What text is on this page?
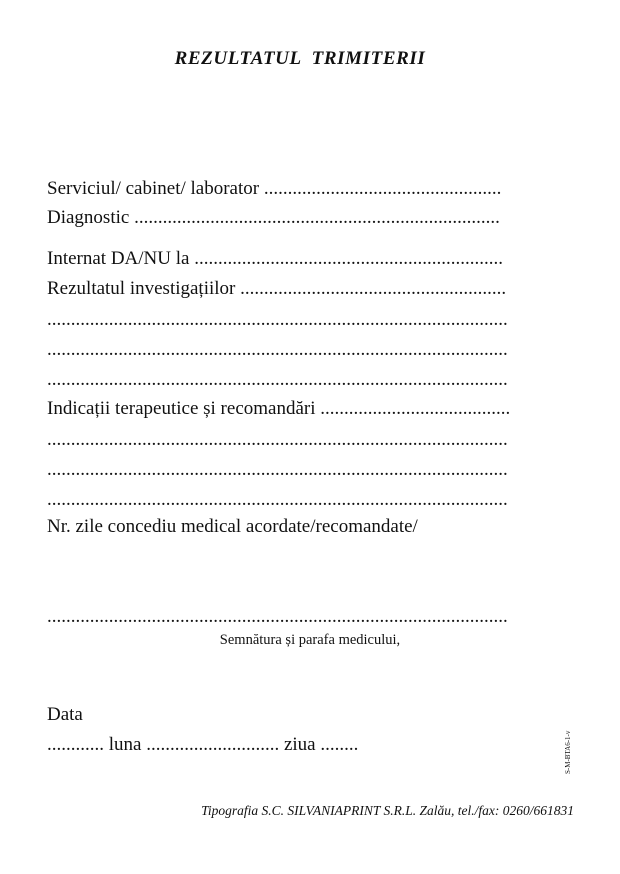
REZULTATUL  TRIMITERII
Serviciul/ cabinet/ laborator ..................................................
Diagnostic .............................................................................
Internat DA/NU la .................................................................
Rezultatul investigațiilor ........................................................
.................................................................................................
.................................................................................................
.................................................................................................
Indicații terapeutice și recomandări ........................................
.................................................................................................
.................................................................................................
.................................................................................................
Nr. zile concediu medical acordate/recomandate/
.................................................................................................
Semnătura și parafa medicului,
Data
............ luna ............................ ziua ........	S-M-BTA6-1-v
Tipografia S.C. SILVANIAPRINT S.R.L. Zalău, tel./fax: 0260/661831
